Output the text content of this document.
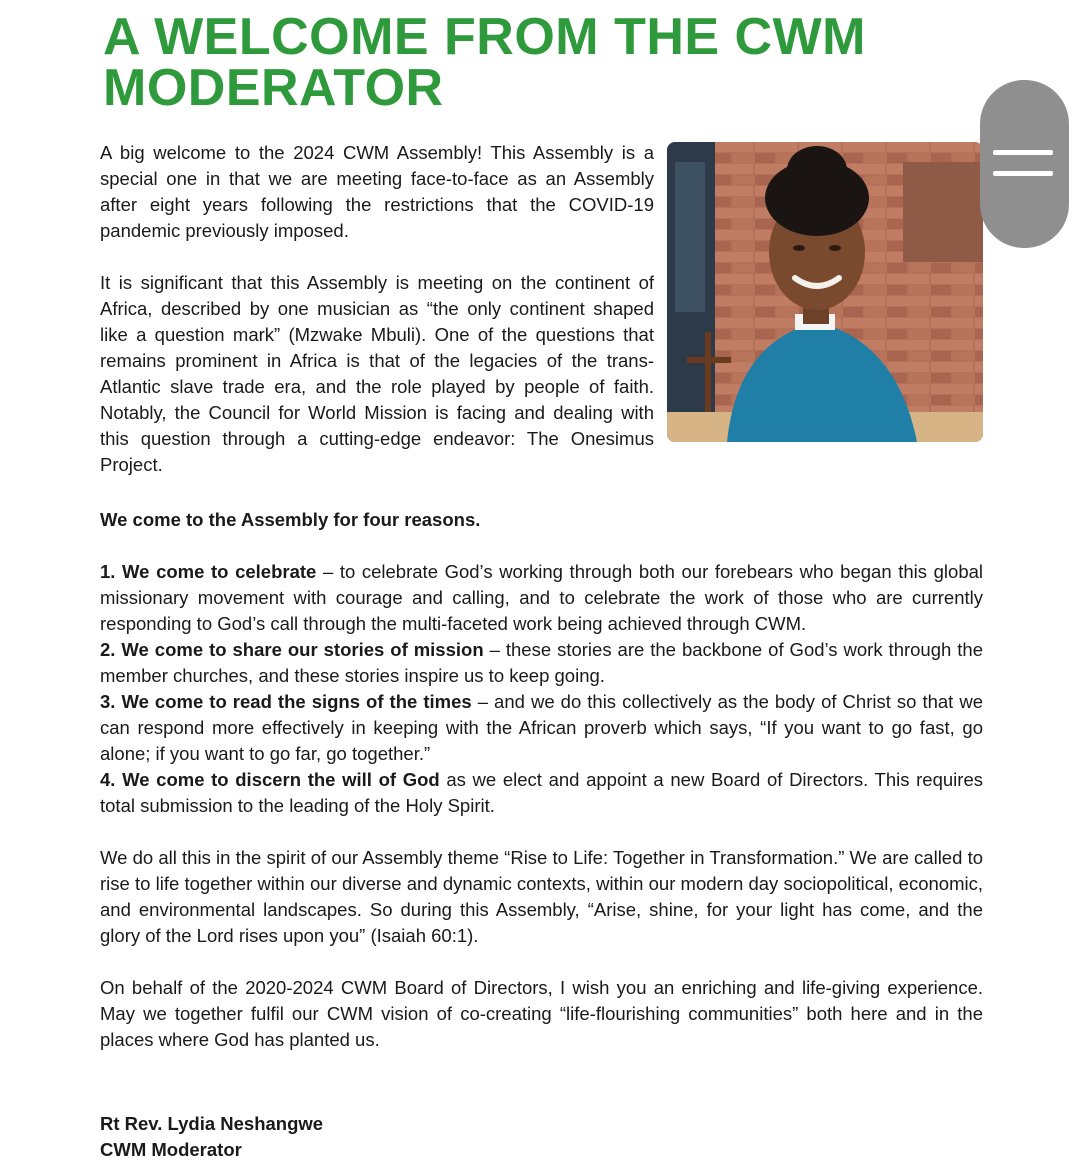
A WELCOME FROM THE CWM MODERATOR

A big welcome to the 2024 CWM Assembly! This Assembly is a special one in that we are meeting face-to-face as an Assembly after eight years following the restrictions that the COVID-19 pandemic previously imposed.

It is significant that this Assembly is meeting on the continent of Africa, described by one musician as “the only continent shaped like a question mark” (Mzwake Mbuli). One of the questions that remains prominent in Africa is that of the legacies of the trans-Atlantic slave trade era, and the role played by people of faith. Notably, the Council for World Mission is facing and dealing with this question through a cutting-edge endeavor: The Onesimus Project.

We come to the Assembly for four reasons.

1. We come to celebrate – to celebrate God’s working through both our forebears who began this global missionary movement with courage and calling, and to celebrate the work of those who are currently responding to God’s call through the multi-faceted work being achieved through CWM.

2. We come to share our stories of mission – these stories are the backbone of God’s work through the member churches, and these stories inspire us to keep going.

3. We come to read the signs of the times – and we do this collectively as the body of Christ so that we can respond more effectively in keeping with the African proverb which says, “If you want to go fast, go alone; if you want to go far, go together.”

4. We come to discern the will of God as we elect and appoint a new Board of Directors. This requires total submission to the leading of the Holy Spirit.

We do all this in the spirit of our Assembly theme “Rise to Life: Together in Transformation.” We are called to rise to life together within our diverse and dynamic contexts, within our modern day sociopolitical, economic, and environmental landscapes. So during this Assembly, “Arise, shine, for your light has come, and the glory of the Lord rises upon you” (Isaiah 60:1).

On behalf of the 2020-2024 CWM Board of Directors, I wish you an enriching and life-giving experience. May we together fulfil our CWM vision of co-creating “life-flourishing communities” both here and in the places where God has planted us.

Rt Rev. Lydia Neshangwe
CWM Moderator
